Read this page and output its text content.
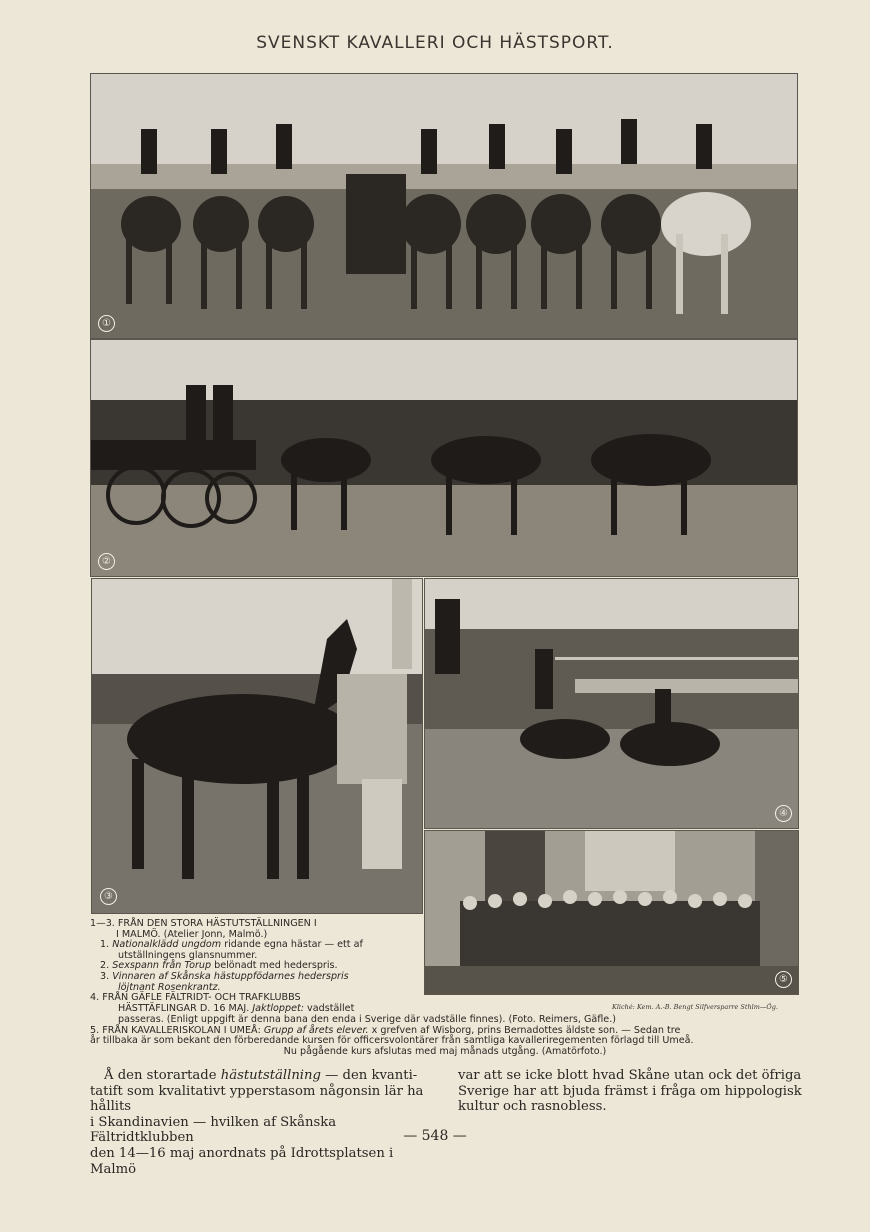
SVENSKT KAVALLERI OCH HÄSTSPORT.
①
②
③
④
⑤
1—3. FRÅN DEN STORA HÄSTUTSTÄLLNINGEN I
I MALMÖ. (Atelier Jonn, Malmö.)
1. Nationalklädd ungdom ridande egna hästar — ett af
utställningens glansnummer.
2. Sexspann från Torup belönadt med hederspris.
3. Vinnaren af Skånska hästuppfödarnes hederspris
löjtnant Rosenkrantz.
4. FRÅN GÄFLE FÄLTRIDT- OCH TRAFKLUBBS
HÄSTTÄFLINGAR D. 16 MAJ. Jaktloppet: vadstället	Kliché: Kem. A.-B. Bengt Silfversparre Sthlm—Ög.
passeras. (Enligt uppgift är denna bana den enda i Sverige där vadställe finnes). (Foto. Reimers, Gäfle.)
5. FRÅN KAVALLERISKOLAN I UMEÅ: Grupp af årets elever. x grefven af Wisborg, prins Bernadottes äldste son. — Sedan tre
år tillbaka är som bekant den förberedande kursen för officersvolontärer från samtliga kavalleriregementen förlagd till Umeå.
Nu pågående kurs afslutas med maj månads utgång. (Amatörfoto.)
Å den storartade hästutställning — den kvanti-
tatift som kvalitativt ypperstasom någonsin lär ha hållits
i Skandinavien — hvilken af Skånska Fältridtklubben
den 14—16 maj anordnats på Idrottsplatsen i Malmö
var att se icke blott hvad Skåne utan ock det öfriga
Sverige har att bjuda främst i fråga om hippologisk
kultur och rasnobless.
— 548 —
